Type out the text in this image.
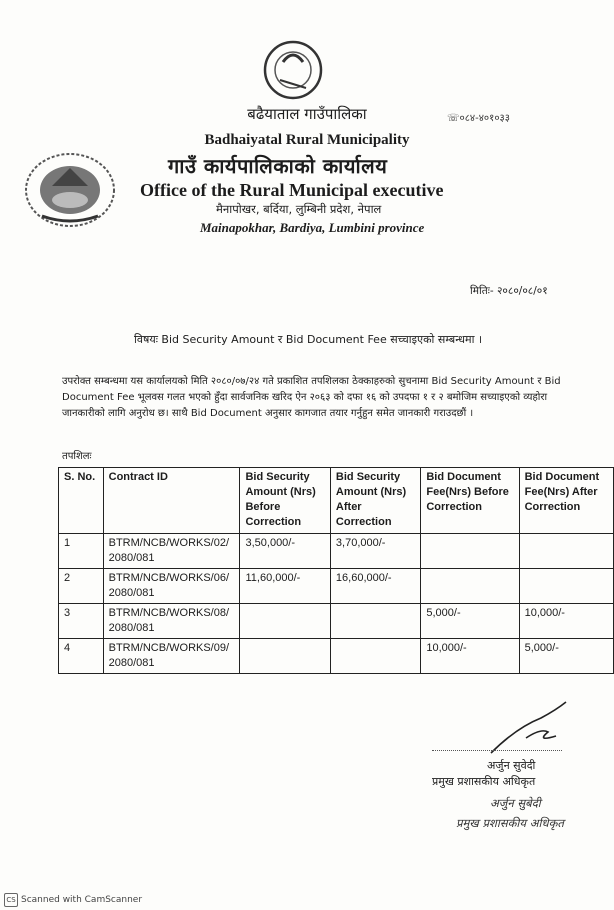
बढैयाताल गाउँपालिका	☏०८४-४०१०३३
Badhaiyatal Rural Municipality
गाउँ कार्यपालिकाको कार्यालय
Office of the Rural Municipal executive
मैनापोखर, बर्दिया, लुम्बिनी प्रदेश, नेपाल
Mainapokhar, Bardiya, Lumbini province
मितिः- २०८०/०८/०१
विषयः Bid Security Amount र Bid Document Fee सच्चाइएको सम्बन्धमा ।
उपरोक्त सम्बन्धमा यस कार्यालयको मिति २०८०/०७/२४ गते प्रकाशित तपशिलका ठेक्काहरुको सुचनामा Bid Security Amount र Bid Document Fee भूलवस गलत भएको हुँदा सार्वजनिक खरिद ऐन २०६३ को दफा १६ को उपदफा १ र २ बमोजिम सच्याइएको व्यहोरा जानकारीको लागि अनुरोध छ। साथै Bid Document अनुसार कागजात तयार गर्नुहुन समेत जानकारी गराउदछौं ।
तपशिलः
S. No.	Contract ID	Bid Security Amount (Nrs) Before Correction	Bid Security Amount (Nrs) After Correction	Bid Document Fee(Nrs) Before Correction	Bid Document Fee(Nrs) After Correction
1	BTRM/NCB/WORKS/02/ 2080/081	3,50,000/-	3,70,000/-		
2	BTRM/NCB/WORKS/06/ 2080/081	11,60,000/-	16,60,000/-		
3	BTRM/NCB/WORKS/08/ 2080/081			5,000/-	10,000/-
4	BTRM/NCB/WORKS/09/ 2080/081			10,000/-	5,000/-
अर्जुन सुवेदी
प्रमुख प्रशासकीय अधिकृत
अर्जुन सुबेदी
प्रमुख प्रशासकीय अधिकृत
CS Scanned with CamScanner
